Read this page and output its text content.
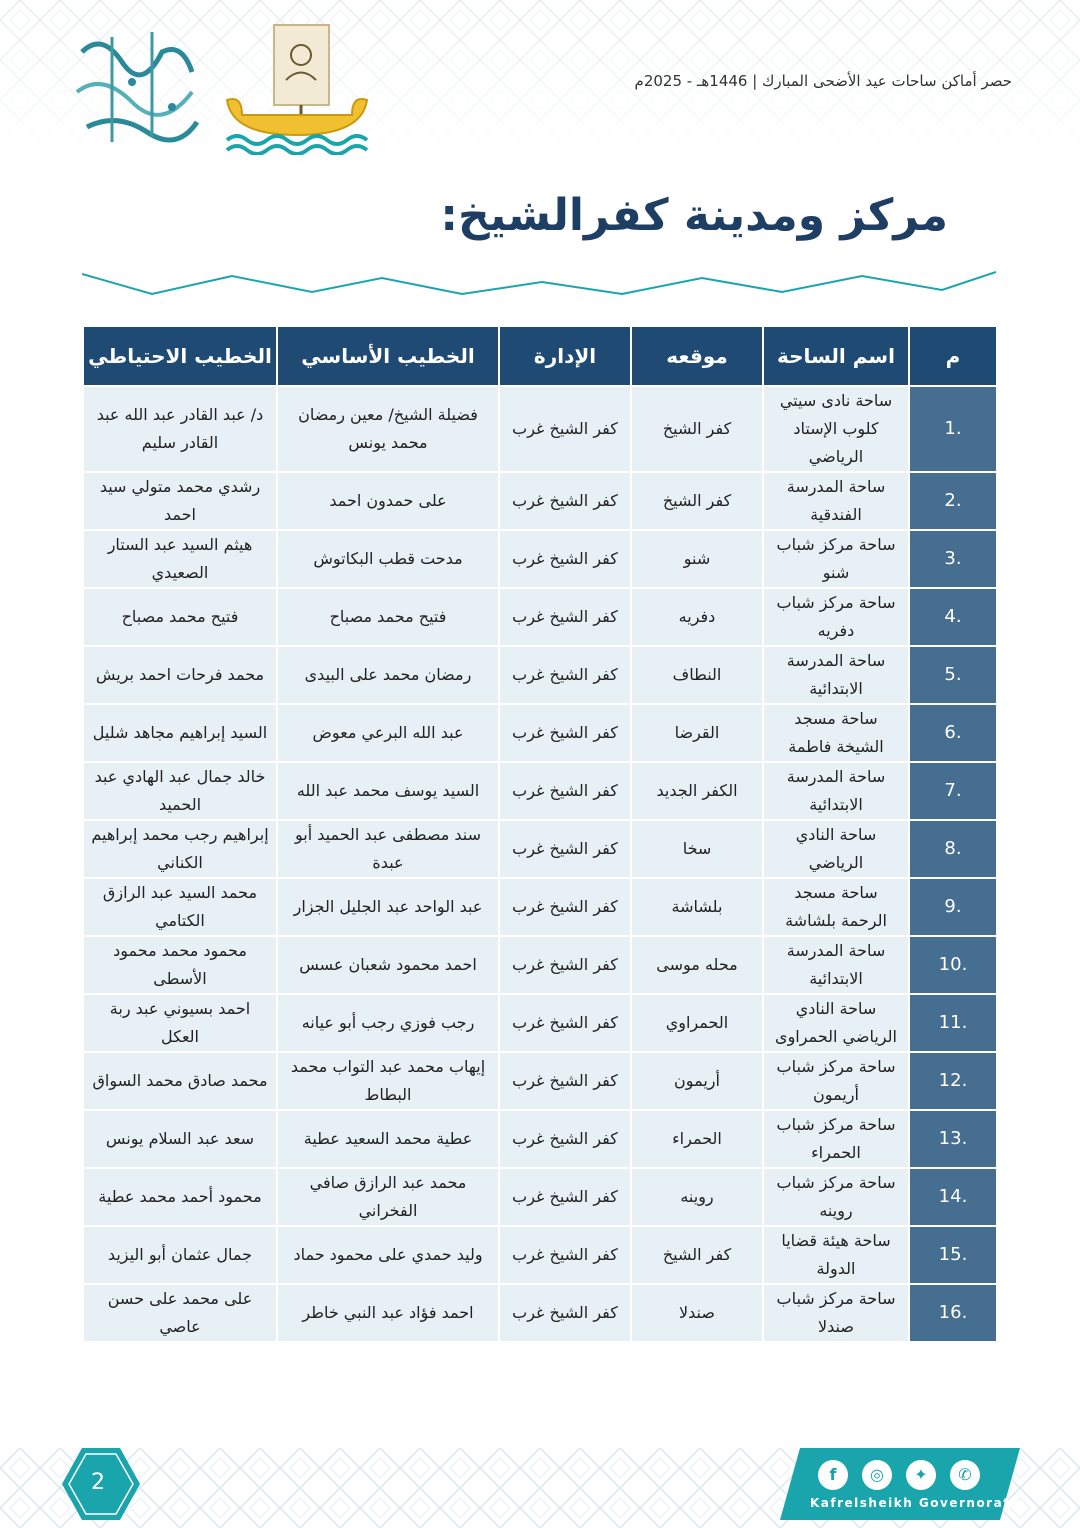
حصر أماكن ساحات عيد الأضحى المبارك | 1446هـ - 2025م
مركز ومدينة كفرالشيخ:
م	اسم الساحة	موقعه	الإدارة	الخطيب الأساسي	الخطيب الاحتياطي
.1	ساحة نادى سيتي كلوب الإستاد الرياضي	كفر الشيخ	كفر الشيخ غرب	فضيلة الشيخ/ معين رمضان محمد يونس	د/ عبد القادر عبد الله عبد القادر سليم
.2	ساحة المدرسة الفندقية	كفر الشيخ	كفر الشيخ غرب	على حمدون احمد	رشدي محمد متولي سيد احمد
.3	ساحة مركز شباب شنو	شنو	كفر الشيخ غرب	مدحت قطب البكاتوش	هيثم السيد عبد الستار الصعيدي
.4	ساحة مركز شباب دفريه	دفريه	كفر الشيخ غرب	فتيح محمد مصباح	فتيح محمد مصباح
.5	ساحة المدرسة الابتدائية	النطاف	كفر الشيخ غرب	رمضان محمد على البيدى	محمد فرحات احمد بريش
.6	ساحة مسجد الشيخة فاطمة	القرضا	كفر الشيخ غرب	عبد الله البرعي معوض	السيد إبراهيم مجاهد شليل
.7	ساحة المدرسة الابتدائية	الكفر الجديد	كفر الشيخ غرب	السيد يوسف محمد عبد الله	خالد جمال عبد الهادي عبد الحميد
.8	ساحة النادي الرياضي	سخا	كفر الشيخ غرب	سند مصطفى عبد الحميد أبو عبدة	إبراهيم رجب محمد إبراهيم الكناني
.9	ساحة مسجد الرحمة بلشاشة	بلشاشة	كفر الشيخ غرب	عبد الواحد عبد الجليل الجزار	محمد السيد عبد الرازق الكتامي
.10	ساحة المدرسة الابتدائية	محله موسى	كفر الشيخ غرب	احمد محمود شعبان عسس	محمود محمد محمود الأسطى
.11	ساحة النادي الرياضي الحمراوى	الحمراوي	كفر الشيخ غرب	رجب فوزي رجب أبو عيانه	احمد بسيوني عبد ربة العكل
.12	ساحة مركز شباب أريمون	أريمون	كفر الشيخ غرب	إيهاب محمد عبد التواب محمد البطاط	محمد صادق محمد السواق
.13	ساحة مركز شباب الحمراء	الحمراء	كفر الشيخ غرب	عطية محمد السعيد عطية	سعد عبد السلام يونس
.14	ساحة مركز شباب روينه	روينه	كفر الشيخ غرب	محمد عبد الرازق صافي الفخراني	محمود أحمد محمد عطية
.15	ساحة هيئة قضايا الدولة	كفر الشيخ	كفر الشيخ غرب	وليد حمدي على محمود حماد	جمال عثمان أبو اليزيد
.16	ساحة مركز شباب صندلا	صندلا	كفر الشيخ غرب	احمد فؤاد عبد النبي خاطر	على محمد على حسن عاصي
2	f	◎	✦	✆
Kafrelsheikh Governorate
